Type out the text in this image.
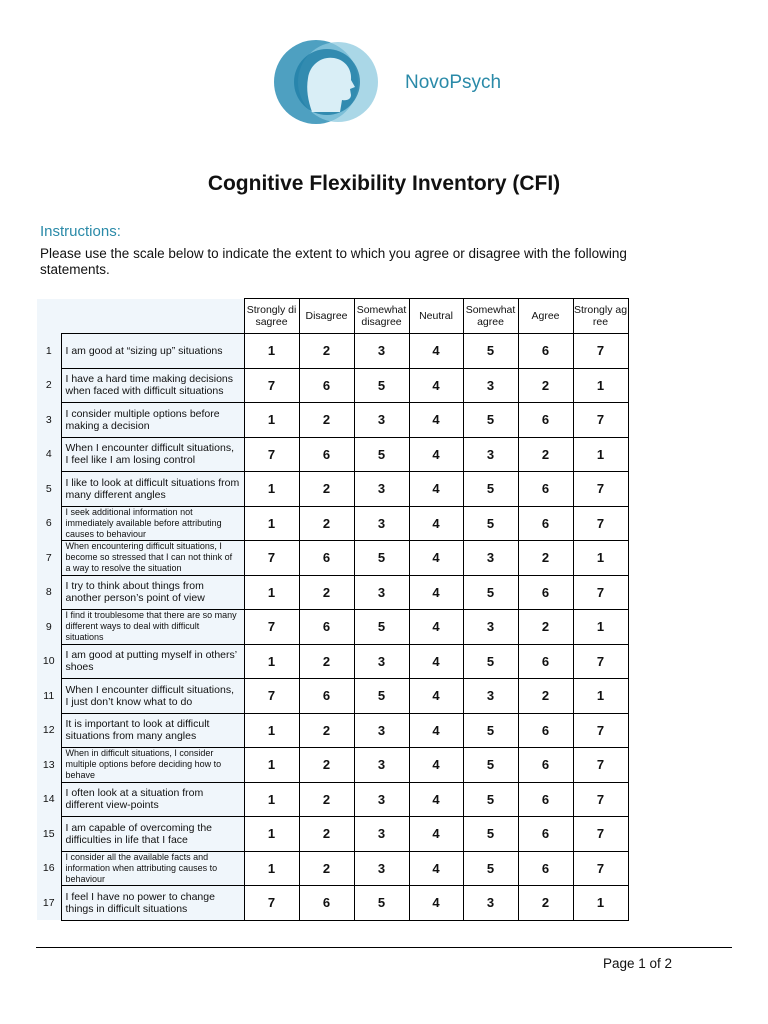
NovoPsych
Cognitive Flexibility Inventory (CFI)
Instructions:
Please use the scale below to indicate the extent to which you agree or disagree with the following statements.
		Strongly disagree	Disagree	Somewhat disagree	Neutral	Somewhat agree	Agree	Strongly agree
1	I am good at “sizing up” situations	1	2	3	4	5	6	7
2	I have a hard time making decisions when faced with difficult situations	7	6	5	4	3	2	1
3	I consider multiple options before making a decision	1	2	3	4	5	6	7
4	When I encounter difficult situations, I feel like I am losing control	7	6	5	4	3	2	1
5	I like to look at difficult situations from many different angles	1	2	3	4	5	6	7
6	I seek additional information not immediately available before attributing causes to behaviour	1	2	3	4	5	6	7
7	When encountering difficult situations, I become so stressed that I can not think of a way to resolve the situation	7	6	5	4	3	2	1
8	I try to think about things from another person’s point of view	1	2	3	4	5	6	7
9	I find it troublesome that there are so many different ways to deal with difficult situations	7	6	5	4	3	2	1
10	I am good at putting myself in others’ shoes	1	2	3	4	5	6	7
11	When I encounter difficult situations, I just don’t know what to do	7	6	5	4	3	2	1
12	It is important to look at difficult situations from many angles	1	2	3	4	5	6	7
13	When in difficult situations, I consider multiple options before deciding how to behave	1	2	3	4	5	6	7
14	I often look at a situation from different view-points	1	2	3	4	5	6	7
15	I am capable of overcoming the difficulties in life that I face	1	2	3	4	5	6	7
16	I consider all the available facts and information when attributing causes to behaviour	1	2	3	4	5	6	7
17	I feel I have no power to change things in difficult situations	7	6	5	4	3	2	1
Page 1 of 2
